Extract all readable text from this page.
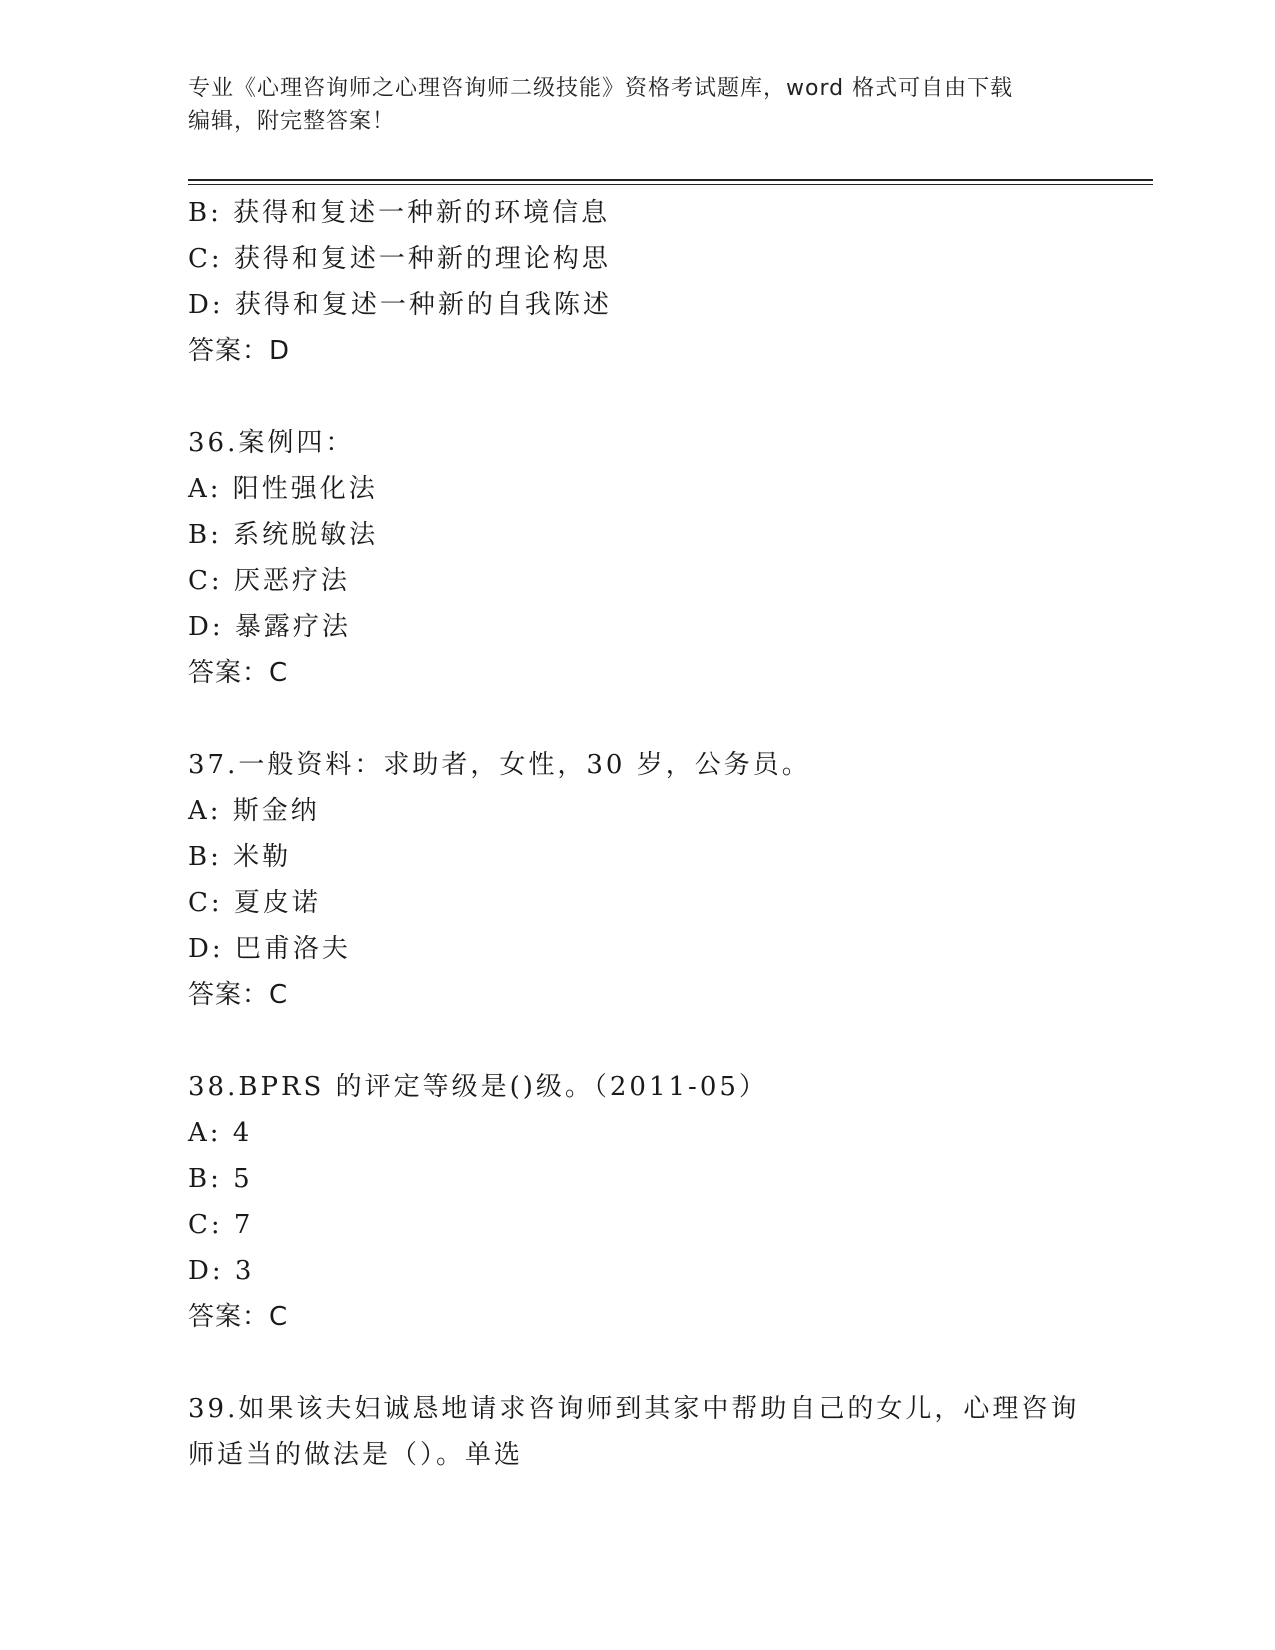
专业《心理咨询师之心理咨询师二级技能》资格考试题库，word 格式可自由下载
编辑，附完整答案！
B: 获得和复述一种新的环境信息
C: 获得和复述一种新的理论构思
D: 获得和复述一种新的自我陈述
答案：D
36.案例四：
A: 阳性强化法
B: 系统脱敏法
C: 厌恶疗法
D: 暴露疗法
答案：C
37.一般资料：求助者，女性，30 岁，公务员。
A: 斯金纳
B: 米勒
C: 夏皮诺
D: 巴甫洛夫
答案：C
38.BPRS 的评定等级是()级。（2011-05）
A: 4
B: 5
C: 7
D: 3
答案：C
39.如果该夫妇诚恳地请求咨询师到其家中帮助自己的女儿，心理咨询师适当的做法是（）。单选
